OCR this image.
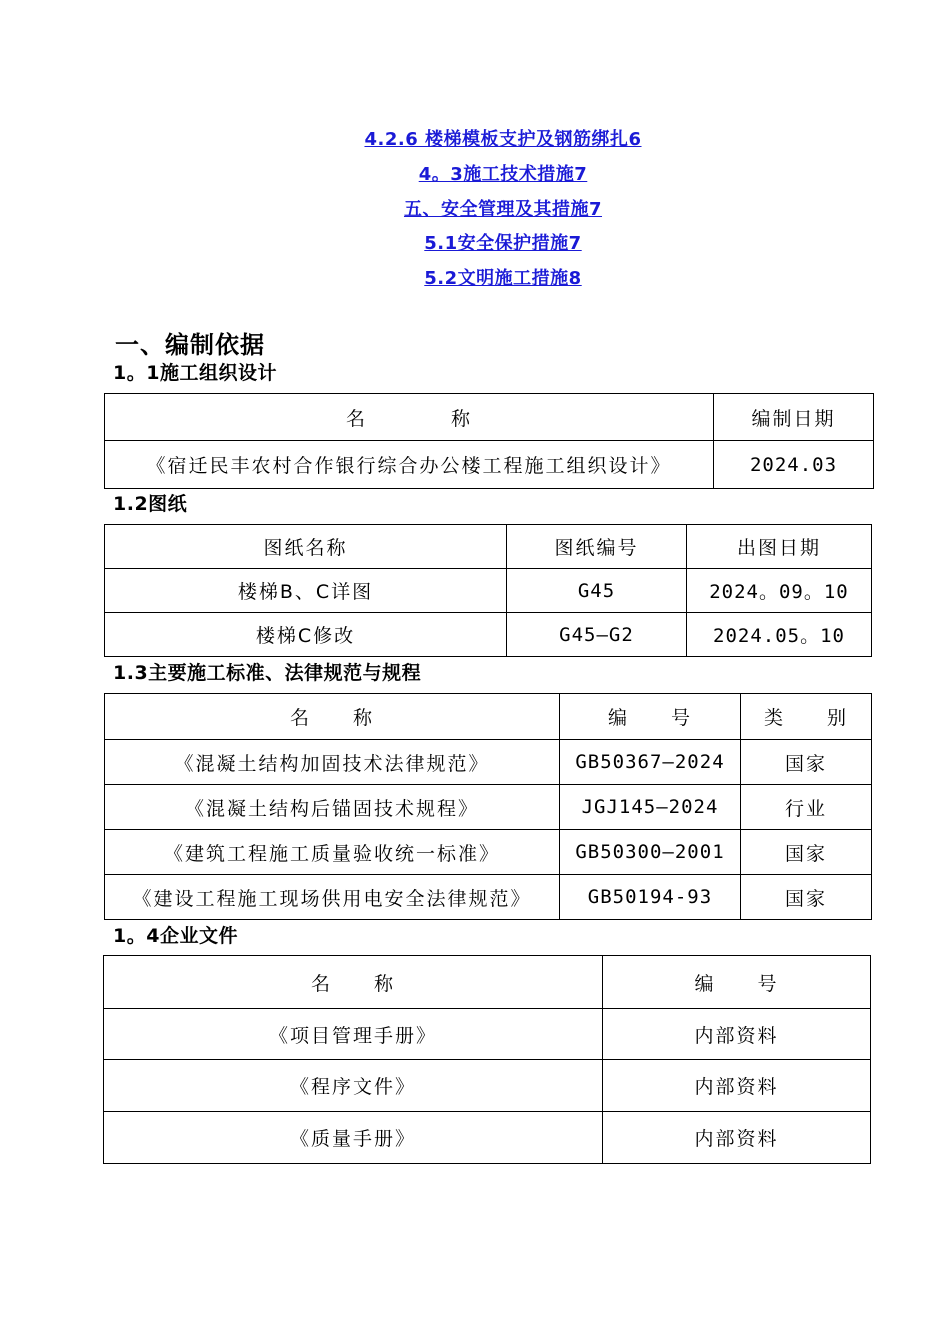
4.2.6 楼梯模板支护及钢筋绑扎6
4。3施工技术措施7
五、安全管理及其措施7
5.1安全保护措施7
5.2文明施工措施8
一、编制依据
1。1施工组织设计
名　　　　称	编制日期
《宿迁民丰农村合作银行综合办公楼工程施工组织设计》	2024.03
1.2图纸
图纸名称	图纸编号	出图日期
楼梯B、C详图	G45	2024。09。10
楼梯C修改	G45—G2	2024.05。10
1.3主要施工标准、法律规范与规程
名　　称	编　　号	类　　别
《混凝土结构加固技术法律规范》	GB50367—2024	国家
《混凝土结构后锚固技术规程》	JGJ145—2024	行业
《建筑工程施工质量验收统一标准》	GB50300—2001	国家
《建设工程施工现场供用电安全法律规范》	GB50194-93	国家
1。4企业文件
名　　称	编　　号
《项目管理手册》	内部资料
《程序文件》	内部资料
《质量手册》	内部资料
